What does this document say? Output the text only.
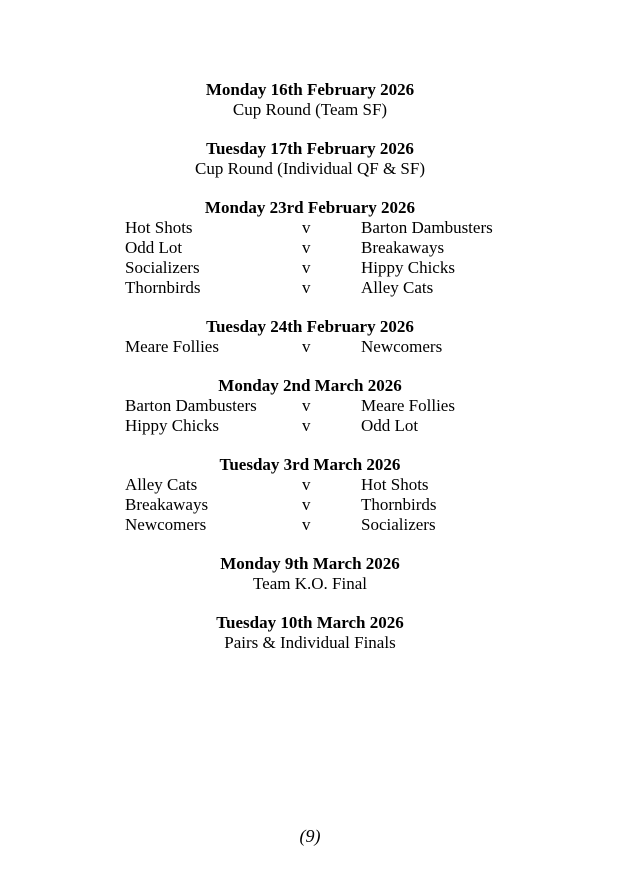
Monday 16th February 2026
Cup Round (Team SF)
Tuesday 17th February 2026
Cup Round (Individual QF & SF)
Monday 23rd February 2026
Hot Shots	v	Barton Dambusters
Odd Lot	v	Breakaways
Socializers	v	Hippy Chicks
Thornbirds	v	Alley Cats
Tuesday 24th February 2026
Meare Follies	v	Newcomers
Monday 2nd March 2026
Barton Dambusters	v	Meare Follies
Hippy Chicks	v	Odd Lot
Tuesday 3rd March 2026
Alley Cats	v	Hot Shots
Breakaways	v	Thornbirds
Newcomers	v	Socializers
Monday 9th March 2026
Team K.O. Final
Tuesday 10th March 2026
Pairs & Individual Finals
(9)
